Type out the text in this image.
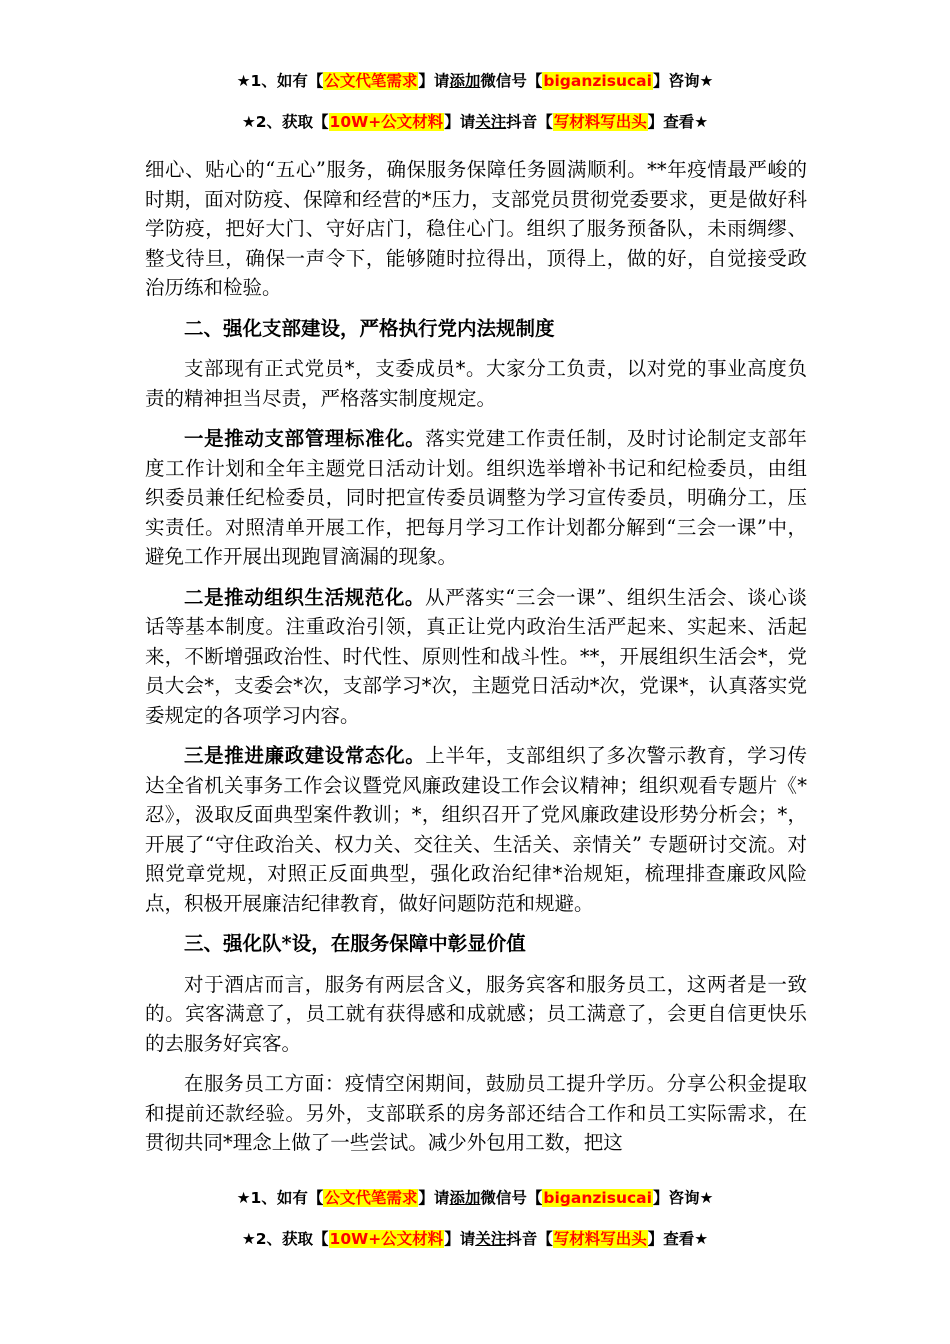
★1、如有【公文代笔需求】请添加微信号【biganzisucai】咨询★
★2、获取【10W+公文材料】请关注抖音【写材料写出头】查看★

细心、贴心的“五心”服务，确保服务保障任务圆满顺利。**年疫情最严峻的时期，面对防疫、保障和经营的*压力，支部党员贯彻党委要求，更是做好科学防疫，把好大门、守好店门，稳住心门。组织了服务预备队，未雨绸缪、整戈待旦，确保一声令下，能够随时拉得出，顶得上，做的好，自觉接受政治历练和检验。

二、强化支部建设，严格执行党内法规制度

支部现有正式党员*，支委成员*。大家分工负责，以对党的事业高度负责的精神担当尽责，严格落实制度规定。

一是推动支部管理标准化。落实党建工作责任制，及时讨论制定支部年度工作计划和全年主题党日活动计划。组织选举增补书记和纪检委员，由组织委员兼任纪检委员，同时把宣传委员调整为学习宣传委员，明确分工，压实责任。对照清单开展工作，把每月学习工作计划都分解到“三会一课”中，避免工作开展出现跑冒滴漏的现象。

二是推动组织生活规范化。从严落实“三会一课”、组织生活会、谈心谈话等基本制度。注重政治引领，真正让党内政治生活严起来、实起来、活起来，不断增强政治性、时代性、原则性和战斗性。**，开展组织生活会*，党员大会*，支委会*次，支部学习*次，主题党日活动*次，党课*，认真落实党委规定的各项学习内容。

三是推进廉政建设常态化。上半年，支部组织了多次警示教育，学习传达全省机关事务工作会议暨党风廉政建设工作会议精神；组织观看专题片《*忍》，汲取反面典型案件教训；*，组织召开了党风廉政建设形势分析会；*，开展了“守住政治关、权力关、交往关、生活关、亲情关” 专题研讨交流。对照党章党规，对照正反面典型，强化政治纪律*治规矩，梳理排查廉政风险点，积极开展廉洁纪律教育，做好问题防范和规避。

三、强化队*设，在服务保障中彰显价值

对于酒店而言，服务有两层含义，服务宾客和服务员工，这两者是一致的。宾客满意了，员工就有获得感和成就感；员工满意了，会更自信更快乐的去服务好宾客。

在服务员工方面：疫情空闲期间，鼓励员工提升学历。分享公积金提取和提前还款经验。另外，支部联系的房务部还结合工作和员工实际需求，在贯彻共同*理念上做了一些尝试。减少外包用工数，把这

★1、如有【公文代笔需求】请添加微信号【biganzisucai】咨询★
★2、获取【10W+公文材料】请关注抖音【写材料写出头】查看★
